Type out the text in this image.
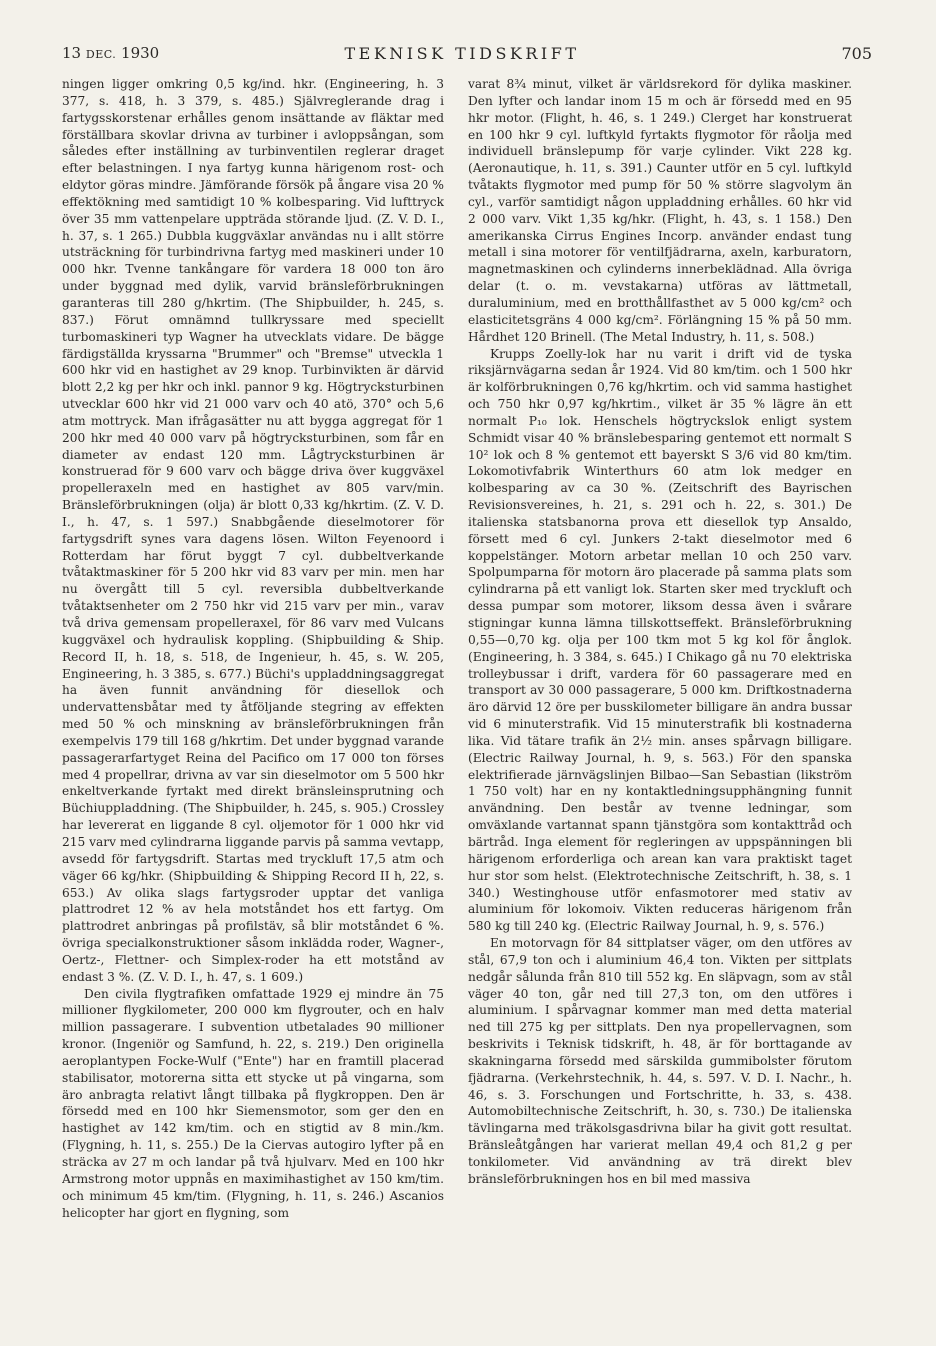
13 DEC. 1930	TEKNISK TIDSKRIFT	705

ningen ligger omkring 0,5 kg/ind. hkr. (Engineering, h. 3 377, s. 418, h. 3 379, s. 485.) Självreglerande drag i fartygsskorstenar erhålles genom insättande av fläktar med förställbara skovlar drivna av turbiner i avloppsångan, som således efter inställning av turbinventilen reglerar draget efter belastningen. I nya fartyg kunna härigenom rost- och eldytor göras mindre. Jämförande försök på ångare visa 20 % effektökning med samtidigt 10 % kolbesparing. Vid lufttryck över 35 mm vattenpelare uppträda störande ljud. (Z. V. D. I., h. 37, s. 1 265.) Dubbla kuggväxlar användas nu i allt större utsträckning för turbindrivna fartyg med maskineri under 10 000 hkr. Tvenne tankångare för vardera 18 000 ton äro under byggnad med dylik, varvid bränsleförbrukningen garanteras till 280 g/hkrtim. (The Shipbuilder, h. 245, s. 837.) Förut omnämnd tullkryssare med speciellt turbomaskineri typ Wagner ha utvecklats vidare. De bägge färdigställda kryssarna "Brummer" och "Bremse" utveckla 1 600 hkr vid en hastighet av 29 knop. Turbinvikten är därvid blott 2,2 kg per hkr och inkl. pannor 9 kg. Högtrycksturbinen utvecklar 600 hkr vid 21 000 varv och 40 atö, 370° och 5,6 atm mottryck. Man ifrågasätter nu att bygga aggregat för 1 200 hkr med 40 000 varv på högtrycksturbinen, som får en diameter av endast 120 mm. Lågtrycksturbinen är konstruerad för 9 600 varv och bägge driva över kuggväxel propelleraxeln med en hastighet av 805 varv/min. Bränsleförbrukningen (olja) är blott 0,33 kg/hkrtim. (Z. V. D. I., h. 47, s. 1 597.) Snabbgående dieselmotorer för fartygsdrift synes vara dagens lösen. Wilton Feyenoord i Rotterdam har förut byggt 7 cyl. dubbeltverkande tvåtaktmaskiner för 5 200 hkr vid 83 varv per min. men har nu övergått till 5 cyl. reversibla dubbeltverkande tvåtaktsenheter om 2 750 hkr vid 215 varv per min., varav två driva gemensam propelleraxel, för 86 varv med Vulcans kuggväxel och hydraulisk koppling. (Shipbuilding & Ship. Record II, h. 18, s. 518, de Ingenieur, h. 45, s. W. 205, Engineering, h. 3 385, s. 677.) Büchi's uppladdningsaggregat ha även funnit användning för diesellok och undervattensbåtar med ty åtföljande stegring av effekten med 50 % och minskning av bränsleförbrukningen från exempelvis 179 till 168 g/hkrtim. Det under byggnad varande passagerarfartyget Reina del Pacifico om 17 000 ton förses med 4 propellrar, drivna av var sin dieselmotor om 5 500 hkr enkeltverkande fyrtakt med direkt bränsleinsprutning och Büchiuppladdning. (The Shipbuilder, h. 245, s. 905.) Crossley har levererat en liggande 8 cyl. oljemotor för 1 000 hkr vid 215 varv med cylindrarna liggande parvis på samma vevtapp, avsedd för fartygsdrift. Startas med tryckluft 17,5 atm och väger 66 kg/hkr. (Shipbuilding & Shipping Record II h, 22, s. 653.) Av olika slags fartygsroder upptar det vanliga plattrodret 12 % av hela motståndet hos ett fartyg. Om plattrodret anbringas på profilstäv, så blir motståndet 6 %. övriga specialkonstruktioner såsom inklädda roder, Wagner-, Oertz-, Flettner- och Simplex-roder ha ett motstånd av endast 3 %. (Z. V. D. I., h. 47, s. 1 609.)

Den civila flygtrafiken omfattade 1929 ej mindre än 75 millioner flygkilometer, 200 000 km flygrouter, och en halv million passagerare. I subvention utbetalades 90 millioner kronor. (Ingeniör og Samfund, h. 22, s. 219.) Den originella aeroplantypen Focke-Wulf ("Ente") har en framtill placerad stabilisator, motorerna sitta ett stycke ut på vingarna, som äro anbragta relativt långt tillbaka på flygkroppen. Den är försedd med en 100 hkr Siemensmotor, som ger den en hastighet av 142 km/tim. och en stigtid av 8 min./km. (Flygning, h. 11, s. 255.) De la Ciervas autogiro lyfter på en sträcka av 27 m och landar på två hjulvarv. Med en 100 hkr Armstrong motor uppnås en maximihastighet av 150 km/tim. och minimum 45 km/tim. (Flygning, h. 11, s. 246.) Ascanios helicopter har gjort en flygning, som

varat 8¾ minut, vilket är världsrekord för dylika maskiner. Den lyfter och landar inom 15 m och är försedd med en 95 hkr motor. (Flight, h. 46, s. 1 249.) Clerget har konstruerat en 100 hkr 9 cyl. luftkyld fyrtakts flygmotor för råolja med individuell bränslepump för varje cylinder. Vikt 228 kg. (Aeronautique, h. 11, s. 391.) Caunter utför en 5 cyl. luftkyld tvåtakts flygmotor med pump för 50 % större slagvolym än cyl., varför samtidigt någon uppladdning erhålles. 60 hkr vid 2 000 varv. Vikt 1,35 kg/hkr. (Flight, h. 43, s. 1 158.) Den amerikanska Cirrus Engines Incorp. använder endast tung metall i sina motorer för ventilfjädrarna, axeln, karburatorn, magnetmaskinen och cylinderns innerbeklädnad. Alla övriga delar (t. o. m. vevstakarna) utföras av lättmetall, duraluminium, med en brotthållfasthet av 5 000 kg/cm² och elasticitetsgräns 4 000 kg/cm². Förlängning 15 % på 50 mm. Hårdhet 120 Brinell. (The Metal Industry, h. 11, s. 508.)

Krupps Zoelly-lok har nu varit i drift vid de tyska riksjärnvägarna sedan år 1924. Vid 80 km/tim. och 1 500 hkr är kolförbrukningen 0,76 kg/hkrtim. och vid samma hastighet och 750 hkr 0,97 kg/hkrtim., vilket är 35 % lägre än ett normalt P₁₀ lok. Henschels högtryckslok enligt system Schmidt visar 40 % bränslebesparing gentemot ett normalt S 10² lok och 8 % gentemot ett bayerskt S 3/6 vid 80 km/tim. Lokomotivfabrik Winterthurs 60 atm lok medger en kolbesparing av ca 30 %. (Zeitschrift des Bayrischen Revisionsvereines, h. 21, s. 291 och h. 22, s. 301.) De italienska statsbanorna prova ett diesellok typ Ansaldo, försett med 6 cyl. Junkers 2-takt dieselmotor med 6 koppelstänger. Motorn arbetar mellan 10 och 250 varv. Spolpumparna för motorn äro placerade på samma plats som cylindrarna på ett vanligt lok. Starten sker med tryckluft och dessa pumpar som motorer, liksom dessa även i svårare stigningar kunna lämna tillskottseffekt. Bränsleförbrukning 0,55—0,70 kg. olja per 100 tkm mot 5 kg kol för ånglok. (Engineering, h. 3 384, s. 645.) I Chikago gå nu 70 elektriska trolleybussar i drift, vardera för 60 passagerare med en transport av 30 000 passagerare, 5 000 km. Driftkostnaderna äro därvid 12 öre per busskilometer billigare än andra bussar vid 6 minuterstrafik. Vid 15 minuterstrafik bli kostnaderna lika. Vid tätare trafik än 2½ min. anses spårvagn billigare. (Electric Railway Journal, h. 9, s. 563.) För den spanska elektrifierade järnvägslinjen Bilbao—San Sebastian (likström 1 750 volt) har en ny kontaktledningsupphängning funnit användning. Den består av tvenne ledningar, som omväxlande vartannat spann tjänstgöra som kontakttråd och bärtråd. Inga element för regleringen av uppspänningen bli härigenom erforderliga och arean kan vara praktiskt taget hur stor som helst. (Elektrotechnische Zeitschrift, h. 38, s. 1 340.) Westinghouse utför enfasmotorer med stativ av aluminium för lokomoiv. Vikten reduceras härigenom från 580 kg till 240 kg. (Electric Railway Journal, h. 9, s. 576.)

En motorvagn för 84 sittplatser väger, om den utföres av stål, 67,9 ton och i aluminium 46,4 ton. Vikten per sittplats nedgår sålunda från 810 till 552 kg. En släpvagn, som av stål väger 40 ton, går ned till 27,3 ton, om den utföres i aluminium. I spårvagnar kommer man med detta material ned till 275 kg per sittplats. Den nya propellervagnen, som beskrivits i Teknisk tidskrift, h. 48, är för borttagande av skakningarna försedd med särskilda gummibolster förutom fjädrarna. (Verkehrstechnik, h. 44, s. 597. V. D. I. Nachr., h. 46, s. 3. Forschungen und Fortschritte, h. 33, s. 438. Automobiltechnische Zeitschrift, h. 30, s. 730.) De italienska tävlingarna med träkolsgasdrivna bilar ha givit gott resultat. Bränsleåtgången har varierat mellan 49,4 och 81,2 g per tonkilometer. Vid användning av trä direkt blev bränsleförbrukningen hos en bil med massiva
